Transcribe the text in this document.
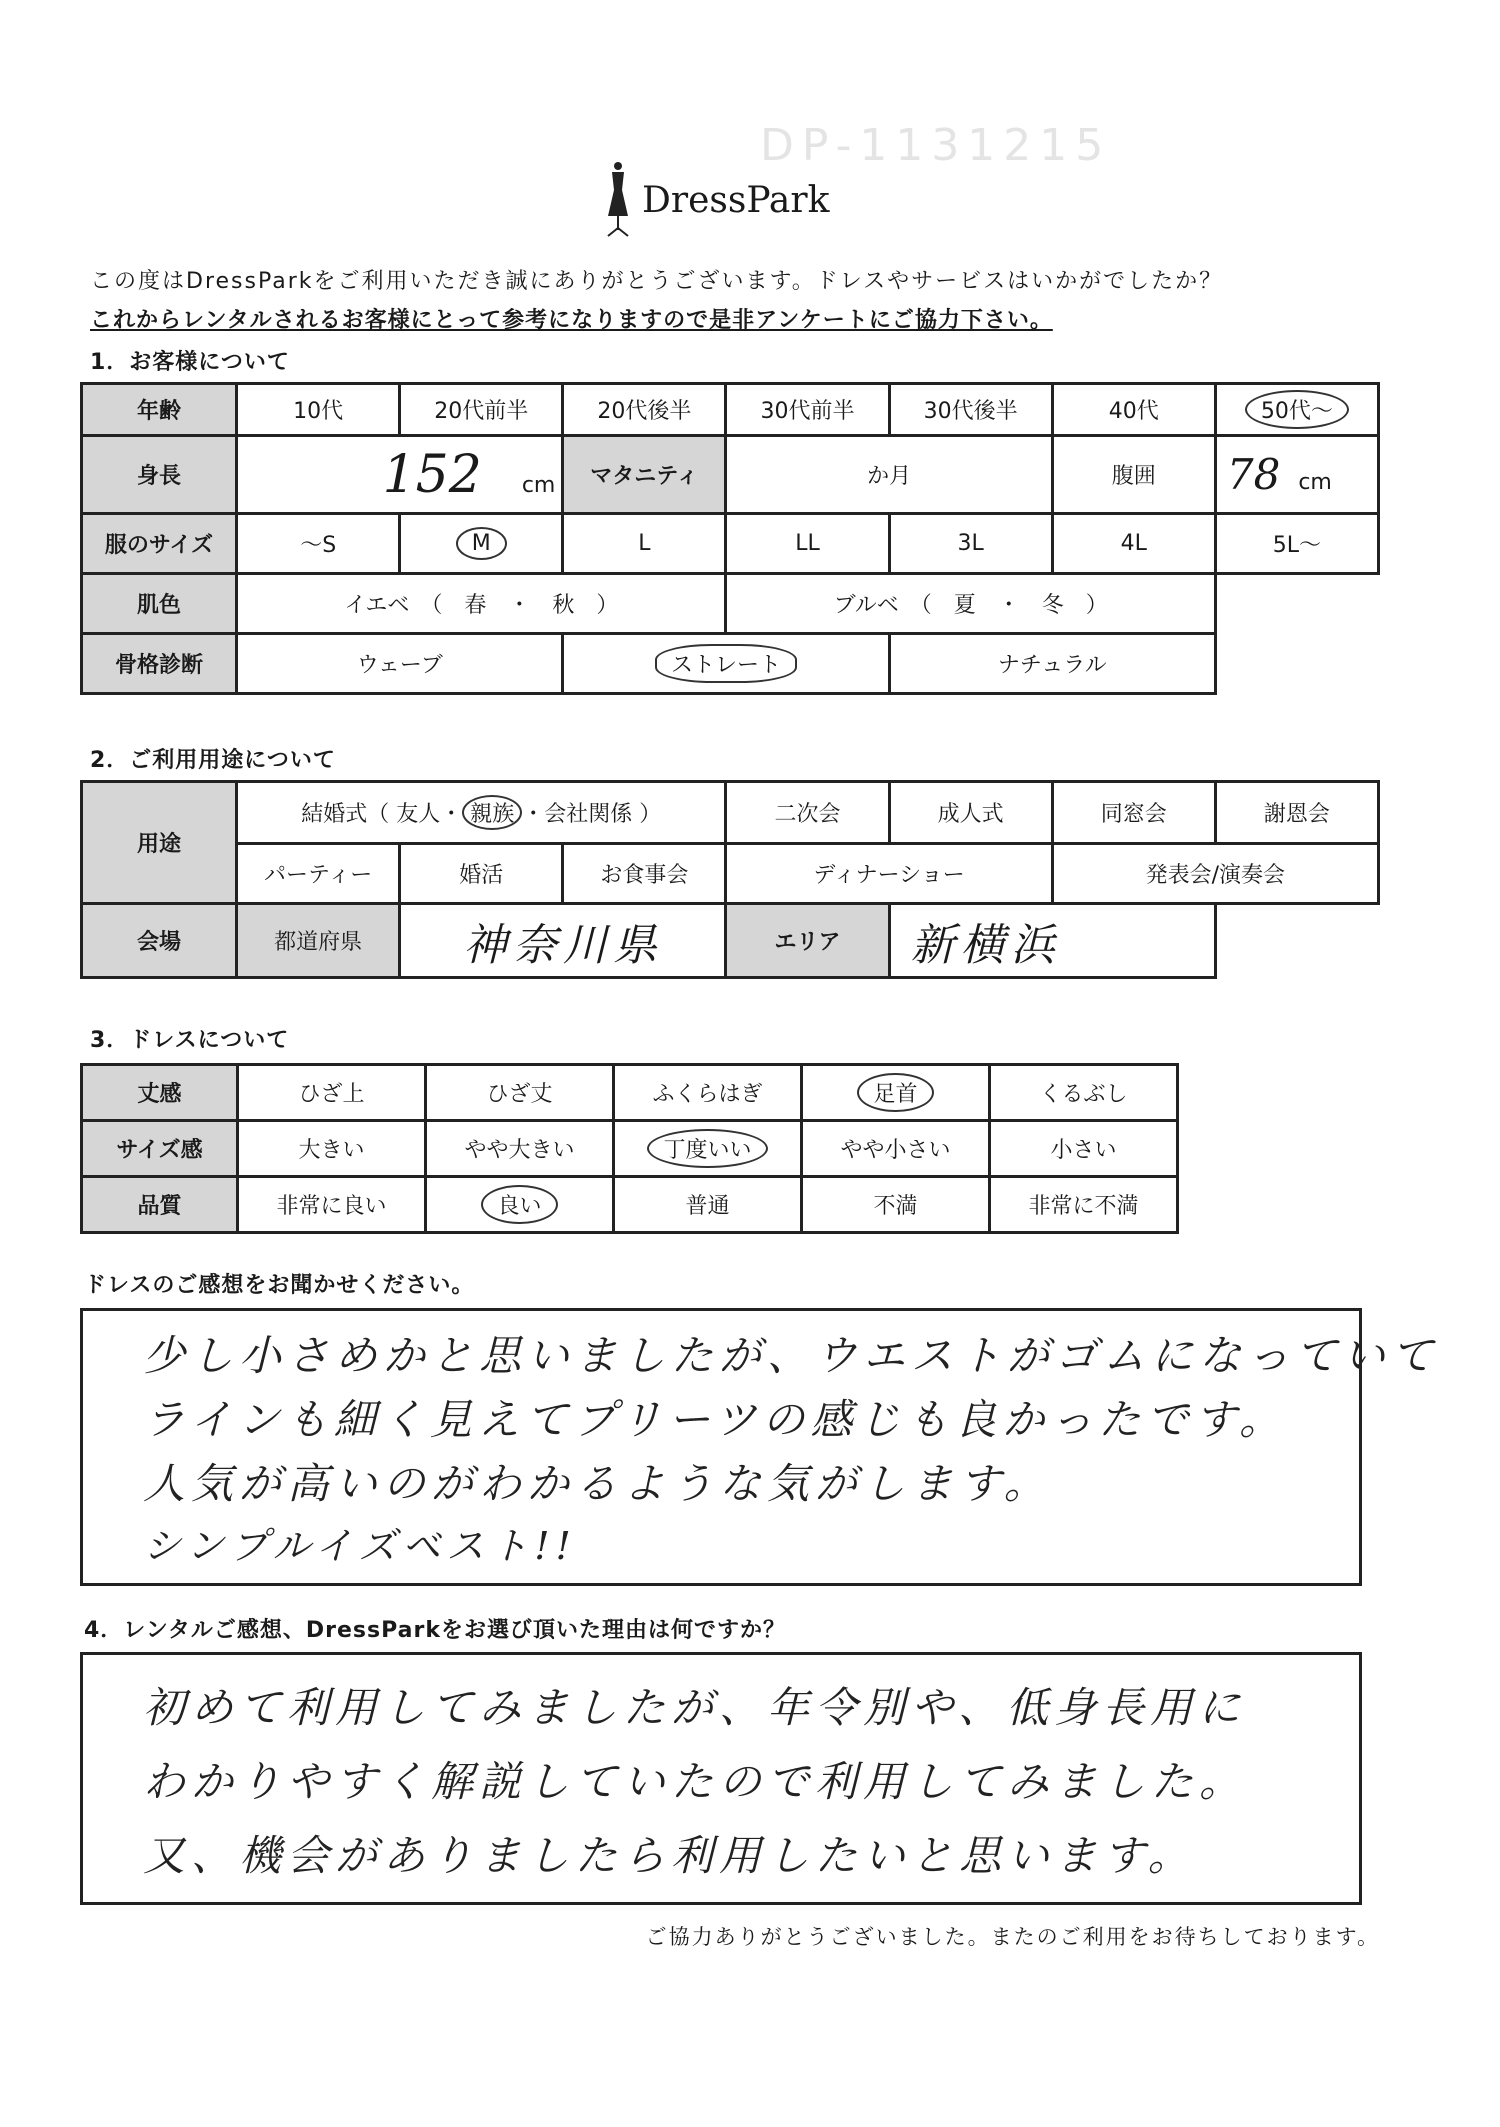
DP-1131215
DressPark
この度はDressParkをご利用いただき誠にありがとうございます。ドレスやサービスはいかがでしたか？
これからレンタルされるお客様にとって参考になりますので是非アンケートにご協力下さい。
1．お客様について
年齢	10代	20代前半	20代後半	30代前半	30代後半	40代	50代〜
身長	152 cm		マタニティ	か月		腹囲	78 cm
服のサイズ	〜S	M	L	LL	3L	4L	5L〜
肌色	イエベ　（　春　・　秋　）			ブルベ　（　夏　・　冬　）			
骨格診断	ウェーブ		ストレート		ナチュラル		
2．ご利用用途について
用途	結婚式（ 友人・ 親族 ・会社関係 ）			二次会	成人式	同窓会	謝恩会
	パーティー	婚活	お食事会	ディナーショー		発表会/演奏会	
会場	都道府県	神奈川県		エリア	新横浜		
3．ドレスについて
丈感	ひざ上	ひざ丈	ふくらはぎ	足首	くるぶし
サイズ感	大きい	やや大きい	丁度いい	やや小さい	小さい
品質	非常に良い	良い	普通	不満	非常に不満
ドレスのご感想をお聞かせください。
少し小さめかと思いましたが、ウエストがゴムになっていて
ラインも細く見えてプリーツの感じも良かったです。
人気が高いのがわかるような気がします。
シンプルイズベスト!!
4．レンタルご感想、DressParkをお選び頂いた理由は何ですか？
初めて利用してみましたが、年令別や、低身長用に
わかりやすく解説していたので利用してみました。
又、機会がありましたら利用したいと思います。
ご協力ありがとうございました。またのご利用をお待ちしております。
